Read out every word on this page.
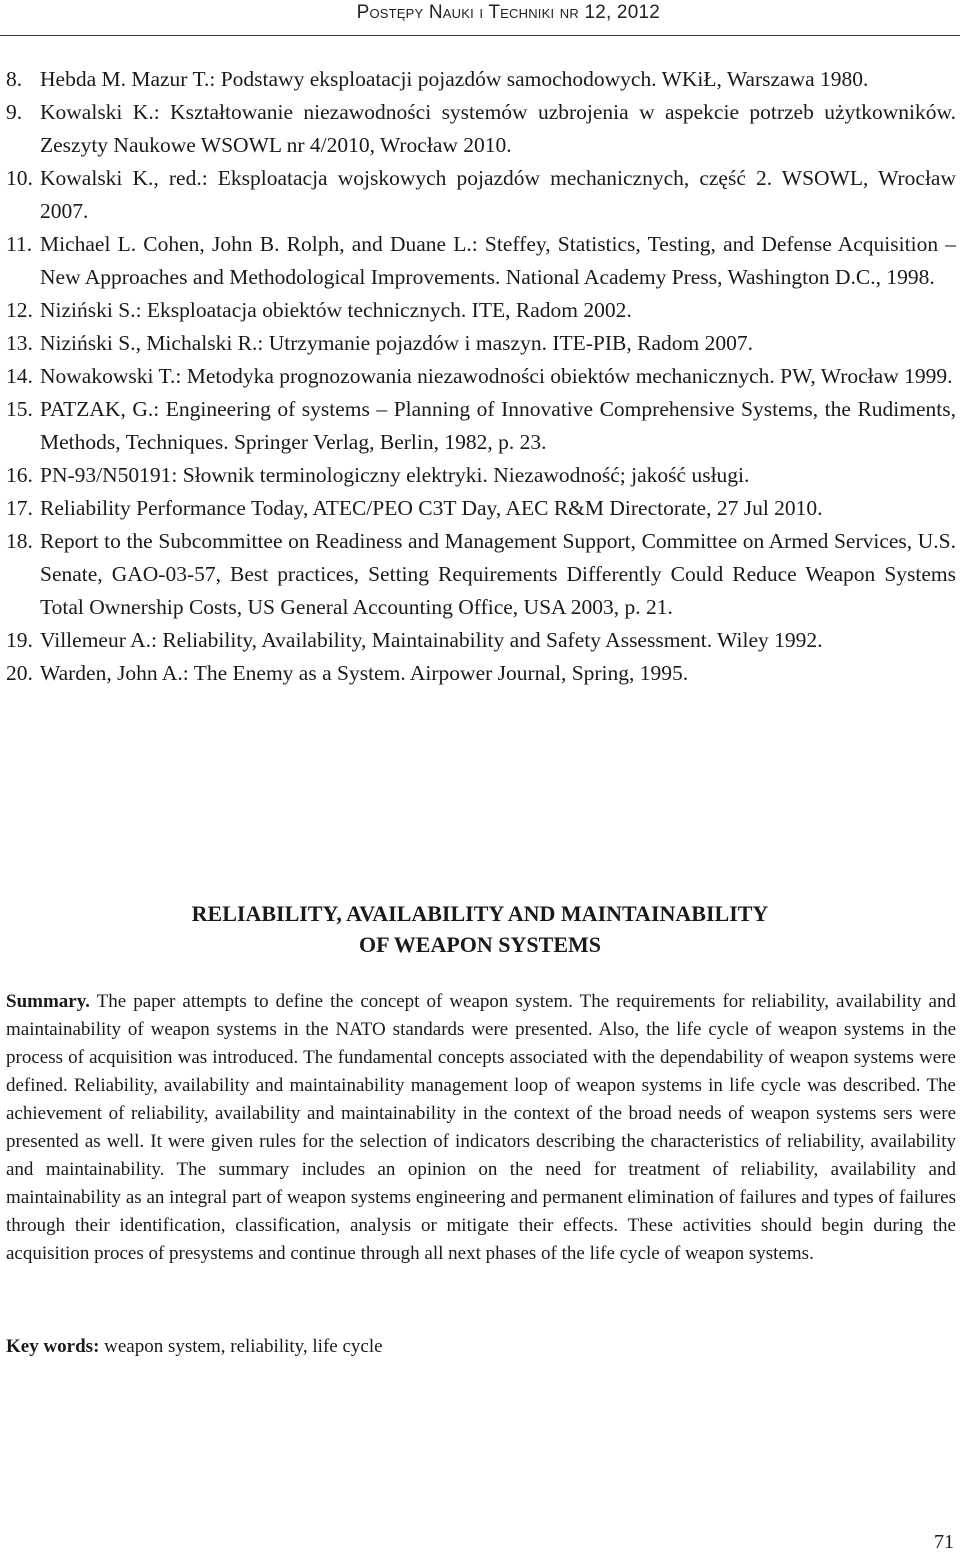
Postępy Nauki i Techniki nr 12, 2012
8. Hebda M. Mazur T.: Podstawy eksploatacji pojazdów samochodowych. WKiŁ, Warszawa 1980.
9. Kowalski K.: Kształtowanie niezawodności systemów uzbrojenia w aspekcie potrzeb użytkowników. Zeszyty Naukowe WSOWL nr 4/2010, Wrocław 2010.
10. Kowalski K., red.: Eksploatacja wojskowych pojazdów mechanicznych, część 2. WSOWL, Wrocław 2007.
11. Michael L. Cohen, John B. Rolph, and Duane L.: Steffey, Statistics, Testing, and Defense Acquisition – New Approaches and Methodological Improvements. National Academy Press, Washington D.C., 1998.
12. Niziński S.: Eksploatacja obiektów technicznych. ITE, Radom 2002.
13. Niziński S., Michalski R.: Utrzymanie pojazdów i maszyn. ITE-PIB, Radom 2007.
14. Nowakowski T.: Metodyka prognozowania niezawodności obiektów mechanicznych. PW, Wrocław 1999.
15. PATZAK, G.: Engineering of systems – Planning of Innovative Comprehensive Systems, the Rudiments, Methods, Techniques. Springer Verlag, Berlin, 1982, p. 23.
16. PN-93/N50191: Słownik terminologiczny elektryki. Niezawodność; jakość usługi.
17. Reliability Performance Today, ATEC/PEO C3T Day, AEC R&M Directorate, 27 Jul 2010.
18. Report to the Subcommittee on Readiness and Management Support, Committee on Armed Services, U.S. Senate, GAO-03-57, Best practices, Setting Requirements Differently Could Reduce Weapon Systems Total Ownership Costs, US General Accounting Office, USA 2003, p. 21.
19. Villemeur A.: Reliability, Availability, Maintainability and Safety Assessment. Wiley 1992.
20. Warden, John A.: The Enemy as a System. Airpower Journal, Spring, 1995.
RELIABILITY, AVAILABILITY AND MAINTAINABILITY
OF WEAPON SYSTEMS

Summary. The paper attempts to define the concept of weapon system. The requirements for reliability, availability and maintainability of weapon systems in the NATO standards were presented. Also, the life cycle of weapon systems in the process of acquisition was introduced. The fundamental concepts associated with the dependability of weapon systems were defined. Reliability, availability and maintainability management loop of weapon systems in life cycle was described. The achievement of reliability, availability and maintainability in the context of the broad needs of weapon systems sers were presented as well. It were given rules for the selection of indicators describing the characteristics of reliability, availability and maintainability. The summary includes an opinion on the need for treatment of reliability, availability and maintainability as an integral part of weapon systems engineering and permanent elimination of failures and types of failures through their identification, classification, analysis or mitigate their effects. These activities should begin during the acquisition proces of presystems and continue through all next phases of the life cycle of weapon systems.

Key words: weapon system, reliability, life cycle

71
